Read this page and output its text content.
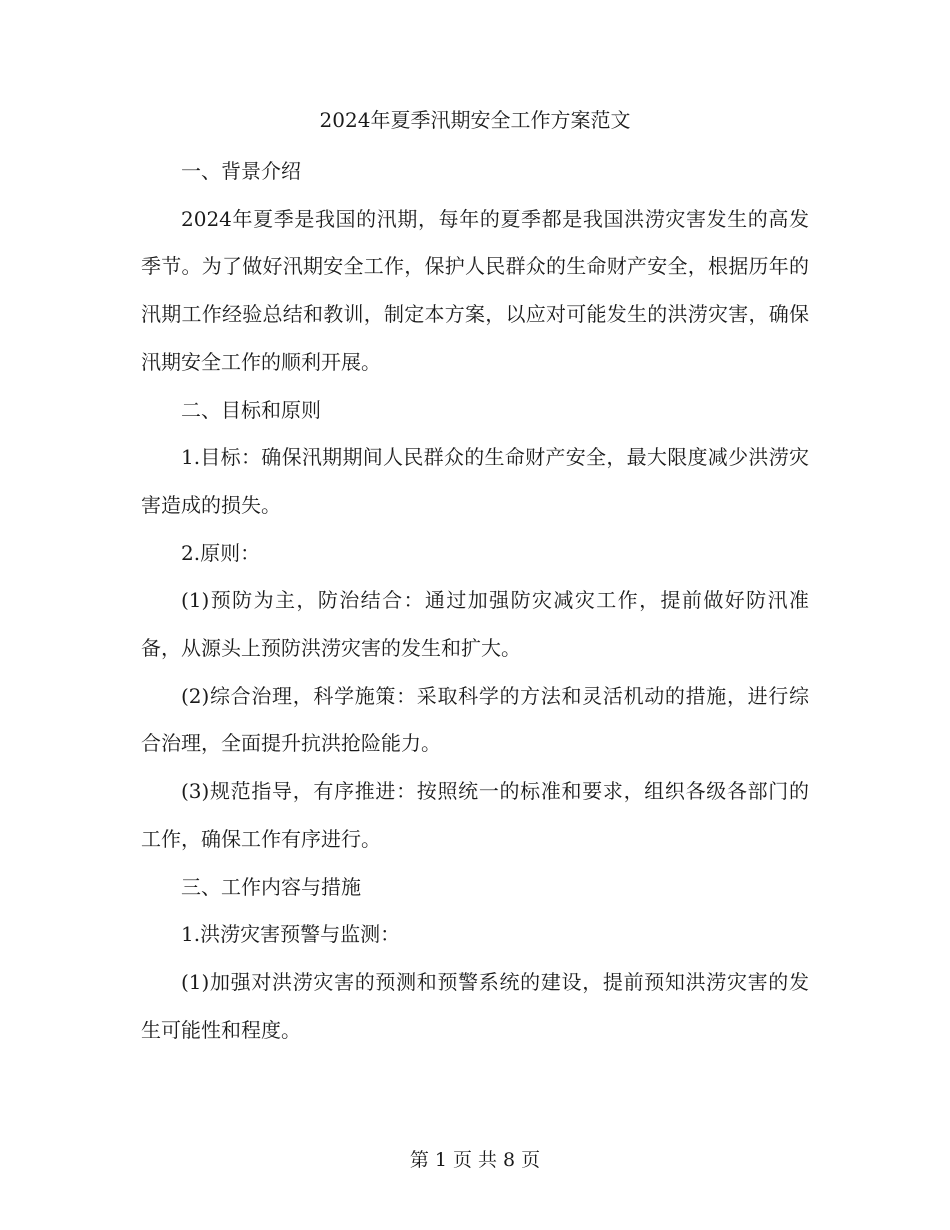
2024年夏季汛期安全工作方案范文

一、背景介绍

2024年夏季是我国的汛期，每年的夏季都是我国洪涝灾害发生的高发季节。为了做好汛期安全工作，保护人民群众的生命财产安全，根据历年的汛期工作经验总结和教训，制定本方案，以应对可能发生的洪涝灾害，确保汛期安全工作的顺利开展。

二、目标和原则

1.目标：确保汛期期间人民群众的生命财产安全，最大限度减少洪涝灾害造成的损失。

2.原则：

(1)预防为主，防治结合：通过加强防灾减灾工作，提前做好防汛准备，从源头上预防洪涝灾害的发生和扩大。

(2)综合治理，科学施策：采取科学的方法和灵活机动的措施，进行综合治理，全面提升抗洪抢险能力。

(3)规范指导，有序推进：按照统一的标准和要求，组织各级各部门的工作，确保工作有序进行。

三、工作内容与措施

1.洪涝灾害预警与监测：

(1)加强对洪涝灾害的预测和预警系统的建设，提前预知洪涝灾害的发生可能性和程度。

第 1 页 共 8 页
